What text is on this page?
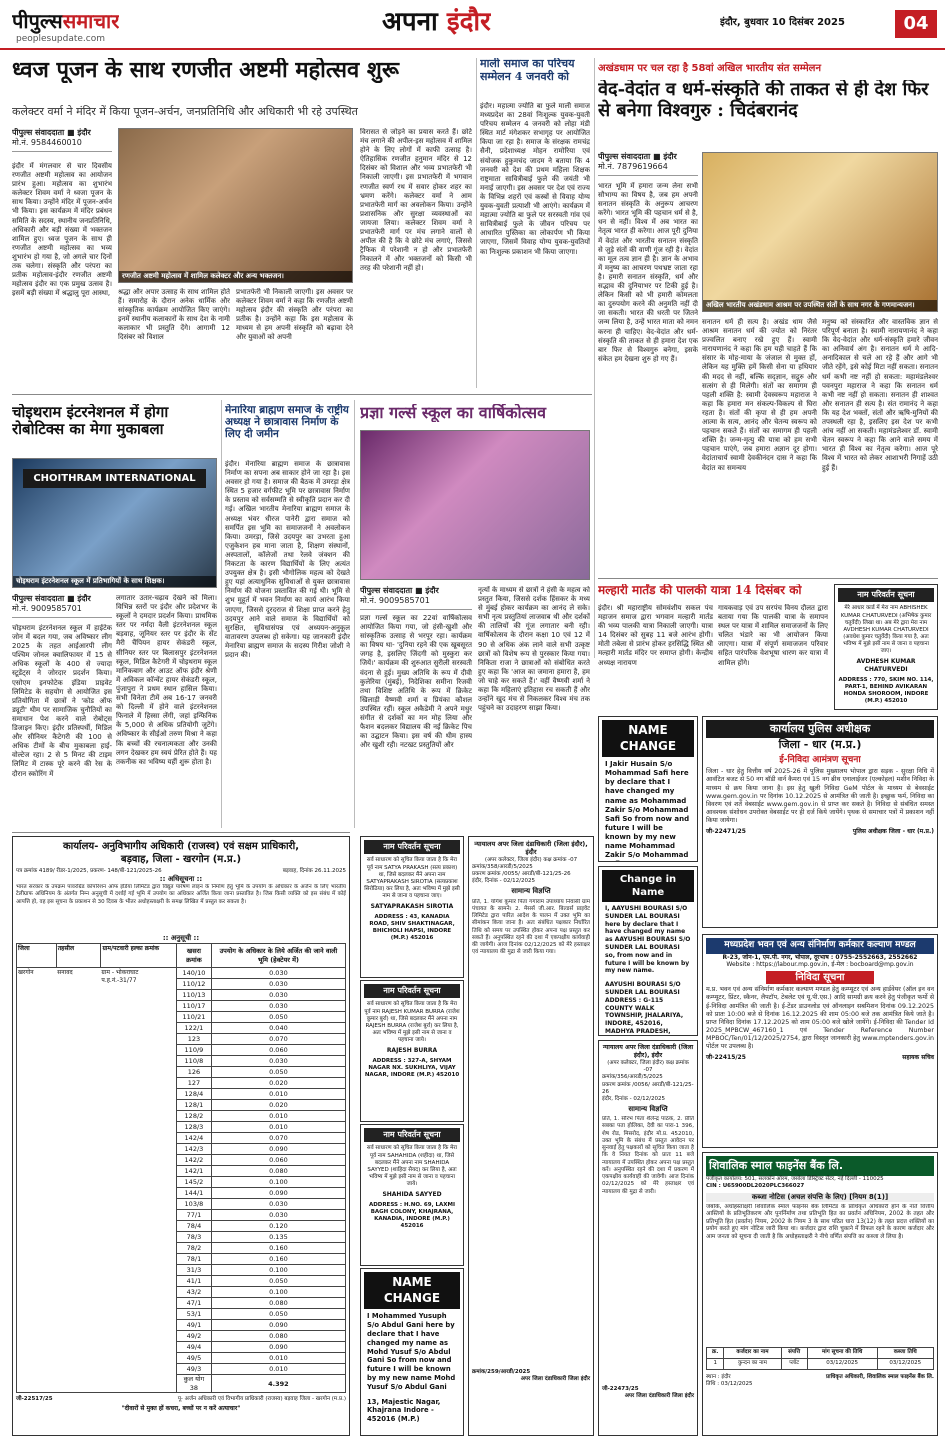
पीपुल्ससमाचार
peoplesupdate.com
अपना इंदौर	इंदौर, बुधवार 10 दिसंबर 2025	04
ध्वज पूजन के साथ रणजीत अष्टमी महोत्सव शुरू
कलेक्टर वर्मा ने मंदिर में किया पूजन-अर्चन, जनप्रतिनिधि और अधिकारी भी रहे उपस्थित
पीपुल्स संवाददाता ■ इंदौर
मो.नं. 9584460010
इंदौर में मंगलवार से चार दिवसीय रणजीत अष्टमी महोत्सव का आयोजन प्रारंभ हुआ। महोत्सव का शुभारंभ कलेक्टर शिवम वर्मा ने ध्वजा पूजन के साथ किया। उन्होंने मंदिर में पूजन-अर्चन भी किया। इस कार्यक्रम में मंदिर प्रबंधन समिति के सदस्य, स्थानीय जनप्रतिनिधि, अधिकारी और बड़ी संख्या में भक्तजन शामिल हुए। ध्वज पूजन के साथ ही रणजीत अष्टमी महोत्सव का भव्य शुभारंभ हो गया है, जो अगले चार दिनों तक चलेगा। संस्कृति और परंपरा का प्रतीक महोत्सव-इंदौर रणजीत अष्टमी महोत्सव इंदौर का एक प्रमुख उत्सव है। इसमें बड़ी संख्या में श्रद्धालु पूरा आस्था,
रणजीत अष्टमी महोत्सव में शामिल कलेक्टर और अन्य भक्तजन।
श्रद्धा और अपार उत्साह के साथ शामिल होते हैं। समारोह के दौरान अनेक धार्मिक और सांस्कृतिक कार्यक्रम आयोजित किए जाएंगे। इनमें स्थानीय कलाकारों के साथ देश के नामी कलाकार भी प्रस्तुति देंगे। आगामी 12 दिसंबर को विशाल
प्रभातफेरी भी निकाली जाएगी। इस अवसर पर कलेक्टर शिवम वर्मा ने कहा कि रणजीत अष्टमी महोत्सव इंदौर की संस्कृति और परंपरा का प्रतीक है। उन्होंने कहा कि इस महोत्सव के माध्यम से हम अपनी संस्कृति को बढ़ावा देने और युवाओं को अपनी
विरासत से जोड़ने का प्रयास करते हैं। छोटे मंच लगाने की अपील-इस महोत्सव में शामिल होने के लिए लोगों में काफी उत्साह है। ऐतिहासिक रणजीत हनुमान मंदिर से 12 दिसंबर को विशाल और भव्य प्रभातफेरी भी निकाली जाएगी। इस प्रभातफेरी में भगवान रणजीत स्वर्ण रथ में सवार होकर शहर का भ्रमण करेंगे। कलेक्टर वर्मा ने आम प्रभातफेरी मार्ग का अवलोकन किया। उन्होंने प्रशासनिक और सुरक्षा व्यवस्थाओं का जायजा लिया। कलेक्टर शिवम वर्मा ने प्रभातफेरी मार्ग पर मंच लगाने वालों से अपील की है कि वे छोटे मंच लगाएं, जिससे ट्रैफिक में परेशानी न हो और प्रभातफेरी निकालने में और भक्तजनों को किसी भी तरह की परेशानी नहीं हो।
माली समाज का परिचय सम्मेलन 4 जनवरी को
इंदौर। महात्मा ज्योति बा फुले माली समाज मध्यप्रदेश का 28वां निःशुल्क युवक-युवती परिचय सम्मेलन 4 जनवरी को लोहा मंडी स्थित मार्ट मंगेशकर सभागृह पर आयोजित किया जा रहा है। समाज के संरक्षक रामचंद्र सैनी, प्रदेशाध्यक्ष मोहन रामोरिया एवं संयोजक हुकुमचंद जादम ने बताया कि 4 जनवरी को देश की प्रथम महिला शिक्षक राष्ट्रमाता सावित्रीबाई फुले की जयंती भी मनाई जाएगी। इस अवसर पर देश एवं राज्य के विभिन्न शहरों एवं कस्बों से विवाह योग्य युवक-युवती प्रत्याशी भी आएंगे। कार्यक्रम में महात्मा ज्योति बा फुले पर सरस्वती गांव एवं सावित्रीबाई फुले के जीवन परिचय पर आधारित पुस्तिका का लोकार्पण भी किया जाएगा, जिसमें विवाह योग्य युवक-युवतियों का निःशुल्क प्रकाशन भी किया जाएगा।
अखंडधाम पर चल रहा है 58वां अखिल भारतीय संत सम्मेलन
वेद-वेदांत व धर्म-संस्कृति की ताकत से ही देश फिर से बनेगा विश्वगुरु : चिदंबरानंद
पीपुल्स संवाददाता ■ इंदौर
मो.नं. 7879619664
भारत भूमि में हमारा जन्म लेना सभी सौभाग्य का विषय है, जब हम अपनी सनातन संस्कृति के अनुरूप आचरण करेंगे। भारत भूमि की पहचान धर्म से है, धन से नहीं। विश्व में अब भारत का नेतृत्व भारत ही करेगा। आज पूरी दुनिया में वेदांत और भारतीय सनातन संस्कृति से जुड़े संतों की वाणी गूंज रही है। वेदांत का मूल तत्व ज्ञान ही है। ज्ञान के अभाव में मनुष्य का आचरण पथभ्रष्ट जाता रहा है। हमारी सनातन संस्कृति, धर्म और सद्भाव की दुनियाभर पर टिकी हुई है। लेकिन किसी को भी हमारी कोमलता का दुरुपयोग करने की अनुमति नहीं दी जा सकती। भारत की धरती पर जितने जन्म लिया है, उन्हें भारत माता को नमन करना ही चाहिए। वेद-वेदांत और धर्म-संस्कृति की ताकत से ही हमारा देश एक बार फिर से विश्वगुरु बनेगा, इसके संकेत हम देखना शुरु हो गए हैं।
अखिल भारतीय अखंडधाम आश्रम पर उपस्थित संतों के साथ नगर के गणमान्यजन।
सनातन धर्म ही सत्य है। अखंड धाम जैसे आश्रम सनातन धर्म की ज्योत को निरंतर प्रज्वलित बनाए रखे हुए हैं। स्वामी नारायणानंद ने कहा कि हम यही चाहते हैं कि संसार के मोह-माया के जंजाल से मुक्त हों, लेकिन यह मुक्ति हमें किसी सेना या हथियार की मदद से नहीं, बल्कि सद्ज्ञान, सद्गुरु और सत्संग से ही मिलेगी। संतों का समागम ही पहली शक्ति है: स्वामी देवस्वरूप महाराज ने कहा कि हमारा मन संकल्प-विकल्प से घिरा रहता है। संतों की कृपा से ही हम अपनी आत्मा के सत्य, आनंद और चेतन्य स्वरूप को पहचान सकते हैं। संतों का समागम ही पहली शक्ति है। जन्म-मृत्यु की यात्रा को हम सभी पहचान पाएंगे, जब हमारा अज्ञान दूर होगा। वेदांताचार्य स्वामी देवकीनंदन दास ने कहा कि वेदांत का समन्वय
मनुष्य को संस्कारित और वास्तविक ज्ञान से परिपूर्ण बनाता है। स्वामी नारायणानंद ने कहा कि वेद-वेदांत और धर्म-संस्कृति हमारे जीवन का अनिवार्य अंग है। सनातन धर्म मे आदि-अनादिकाल से चले आ रहे हैं और आगे भी जीते रहेंगे, इसे कोई मिटा नहीं सकता। सनातन धर्म कभी नष्ट नहीं हो सकता: महामंडलेश्वर पवनपुरा महाराज ने कहा कि सनातन धर्म कभी नष्ट नहीं हो सकता। सनातन ही शाश्वत और सनातन ही सत्य है। संत रामानंद ने कहा कि यह देश भक्तों, संतों और ऋषि-मुनियों की तपस्थली रहा है, इसलिए इस देश पर कभी आंच नहीं आ सकती। महामंडलेश्वर डॉ. स्वामी चेतन स्वरूप ने कहा कि आने वाले समय में भारत ही विश्व का नेतृत्व करेगा। आज पूरे विश्व में भारत को लेकर आशाभरी निगाहें उठी हुई हैं।
चोइथराम इंटरनेशनल में होगा रोबोटिक्स का मेगा मुकाबला
CHOITHRAM INTERNATIONAL
चोइथराम इंटरनेशनल स्कूल में प्रतिभागियों के साथ शिक्षक।
पीपुल्स संवाददाता ■ इंदौर
मो.नं. 9009585701
चोइथराम इंटरनेशनल स्कूल में हाईटेक जोन में बदल गया, जब अविष्कार लीग 2025 के तहत आईआरपी लीग पश्चिम जोनल क्वालिफायर में 15 से अधिक स्कूलों के 400 से ज्यादा स्टूडेंट्स ने जोरदार प्रदर्शन किया। एसोएम इनफोटेक इंडिया प्राइवेट लिमिटेड के सहयोग से आयोजित इस प्रतियोगिता में छात्रों ने 'कोड ऑफ ड्यूटी' थीम पर सामाजिक चुनौतियों का समाधान पेश करने वाले रोबोट्स डिजाइन किए। इंदौर प्रतिस्पर्धी, मिडिल और सीनियर कैटेगरी की 100 से अधिक टीमों के बीच मुकाबला हाई-वोल्टेज रहा। 2 से 5 मिनट की टाइम लिमिट में टास्क पूरे करने की रेस के दौरान स्कोरिंग में
लगातार उतार-चढ़ाव देखने को मिला। विभिन्न स्तरों पर इंदौर और प्रदेशभर के स्कूलों ने दमदार प्रदर्शन किया। प्राथमिक स्तर पर नर्मदा वैली इंटरनेशनल स्कूल बड़वाह, जूनियर स्तर पर इंदौर के सेंट मैरी चैंपियन हायर सेकंडरी स्कूल, सीनियर स्तर पर बिलासपुर इंटरनेशनल स्कूल, मिडिल कैटेगरी में चोइथराम स्कूल मानिकबाग और आउट ऑफ इंदौर श्रेणी में अविकल कॉन्वेंट हायर सेकंडरी स्कूल, पुंजापुरा ने प्रथम स्थान हासिल किया। सभी विनेता टीमें अब 16-17 जनवरी को दिल्ली में होने वाले इंटरनेशनल फिनाले में हिस्सा लेंगी, जहां इन्फिनिक के 5,000 से अधिक प्रतियोगी जुटेंगे। अविष्कार के सीईओ तरुण मिश्रा ने कहा कि बच्चों की रचनात्मकता और उनकी लगन देखकर हम स्वयं प्रेरित होते हैं। यह तकनीक का भविष्य यहीं शुरू होता है।
मेनारिया ब्राह्मण समाज के राष्ट्रीय अध्यक्ष ने छात्रावास निर्माण के लिए दी जमीन
इंदौर। मेनारिया ब्राह्मण समाज के छात्रावास निर्माण का सपना अब साकार होने जा रहा है। इस अवसर हो गया है। समाज की बैठक में उमरड़ा क्षेत्र स्थित 5 हजार वर्गफीट भूमि पर छात्रावास निर्माण के प्रस्ताव को सर्वसम्मति से स्वीकृति प्रदान कर दी गई। अखिल भारतीय मेनारिया ब्राह्मण समाज के अध्यक्ष भंवर धीरज पानेरी द्वारा समाज को समर्पित इस भूमि का समाजजनों ने अवलोकन किया। उमरड़ा, जिसे उदयपुर का उभरता हुआ एजुकेशन हब माना जाता है, शिक्षण संस्थानों, अस्पतालों, कॉलेजों तथा रेलवे जंक्शन की निकटता के कारण विद्यार्थियों के लिए अत्यंत उपयुक्त क्षेत्र है। इसी भौगोलिक महत्व को देखते हुए यहां अत्याधुनिक सुविधाओं से युक्त छात्रावास निर्माण की योजना प्रस्तावित की गई थी। भूमि से शुभ मुहूर्त में भवन निर्माण का कार्य आरंभ किया जाएगा, जिससे दूरदराज से शिक्षा प्राप्त करने हेतु उदयपुर आने वाले समाज के विद्यार्थियों को सुरक्षित, सुविधासंपन्न एवं अध्ययन-अनुकूल वातावरण उपलब्ध हो सकेगा। यह जानकारी इंदौर मेनारिया ब्राह्मण समाज के सदस्य गिरीश जोशी ने प्रदान की।
प्रज्ञा गर्ल्स स्कूल का वार्षिकोत्सव
पीपुल्स संवाददाता ■ इंदौर
मो.नं. 9009585701
प्रज्ञा गर्ल्स स्कूल का 22वां वार्षिकोत्सव आयोजित किया गया, जो हंसी-खुशी और सांस्कृतिक उत्साह से भरपूर रहा। कार्यक्रम का विषय था- 'दुनिया रहने की एक खूबसूरत जगह है, इसलिए जिंदगी को मुस्कुरा कर जियें।' कार्यक्रम की शुरुआत सुरीली सरस्वती वंदना से हुई। मुख्य अतिथि के रूप में दीवी कुलेरिया (मुंबई), निदेशिका समीना रिजवी तथा विशिष्ट अतिथि के रूप में क्रिकेट खिलाड़ी वैष्णवी शर्मा व प्रियंका कौशल उपस्थित रहीं। स्कूल अकैडेमी ने अपने मधुर संगीत से दर्शकों का मन मोह लिया और फैशन बदलकर विद्यालय की नई क्रिकेट पिच का उद्घाटन किया। इस वर्ष की थीम हास्य और खुशी रही। नटखट प्रस्तुतियों और
नृत्यों के माध्यम से छात्रों ने हंसी के महत्व को प्रस्तुत किया, जिससे दर्शक हिंसकर के मध्य से मुंबई होकर कार्यक्रम का आनंद ले सके। सभी नृत्य प्रस्तुतियां लाजवाब थी और दर्शकों की तालियों की गूंज लगातार बनी रही। वार्षिकोत्सव के दौरान कक्षा 10 एवं 12 में 90 से अधिक अंक लाने वाले सभी उत्कृष्ट छात्रों को विशेष रूप से पुरस्कार किया गया। निकिता राजा ने छात्राओं को संबोधित करते हुए कहा कि 'आज का जमाना हमारा है, हम जो चाहे कर सकते हैं।' वहीं वैष्णवी शर्मा ने कहा कि महिलाएं इतिहास रच सकती हैं और उन्होंने खुद मंच से निकलकर विश्व मंच तक पहुंचने का उदाहरण साझा किया।
मल्हारी मार्तंड की पालकी यात्रा 14 दिसंबर को
इंदौर। श्री महाराष्ट्रीय सोमवंशीय सकल पंच महाजन समाज द्वारा भगवान मल्हारी मार्तंड की भव्य पालकी यात्रा निकाली जाएगी। यात्रा 14 दिसंबर को सुबह 11 बजे आरंभ होगी। मोती तबेला से प्रारंभ होकर हरसिद्धि स्थित श्री मल्हारी मार्तंड मंदिर पर समाप्त होगी। केन्द्रीय अध्यक्ष नारायण
गायकवाड़ एवं उप सरपंच विनय दौलत द्वारा बताया गया कि पालकी यात्रा के समापन स्थल पर यात्रा में शामिल समाजजनों के लिए चलित भंडारे का भी आयोजन किया जाएगा। यात्रा में संपूर्ण समाजजन परिवार सहित पारंपरिक वेशभूषा धारण कर यात्रा में शामिल होंगे।
नाम परिवर्तन सूचना
मेरे आधार कार्ड में मेरा नाम ABHISHEK KUMAR CHATURVEDI (अभिषेक कुमार चतुर्वेदी) लिखा था। अब मेरे द्वारा मेरा नाम AVDHESH KUMAR CHATURVEDI (अवधेश कुमार चतुर्वेदी) किया गया है, अतः भविष्य में मुझे इसी नाम से जाना व पहचाना जाए।
AVDHESH KUMAR CHATURVEDI
ADDRESS : 770, SKIM NO. 114, PART-1, BEHIND AVIKARAN HONDA SHOROOM, INDORE (M.P.) 452010
कार्यालय पुलिस अधीक्षक
जिला - धार (म.प्र.)
ई-निविदा आमंत्रण सूचना
जिला - धार हेतु वित्तीय वर्ष 2025-26 में पुलिस मुख्यालय भोपाल द्वारा सड़क - सुरक्षा निधि में आवंटित बजट से 50 नग बॉडी वार्न कैमरा एवं 15 नग ब्रीथ एनालाईजर (एल्कोहल) मशीन निविदा के माध्यम से क्रय किया जाना है। इस हेतु खुली निविदा GeM पोर्टल के माध्यम से बेवसाईट www.gem.gov.in पर दिनांक 10.12.2025 से आमंत्रित की जाती है। इच्छुक फर्म, निविदा का विवरण एवं शर्ते वेबसाईट www.gem.gov.in से प्राप्त कर सकते है। निविदा से संबंधित समस्त आवश्यक संशोधन उपरोक्त वेबसाईट पर ही दर्ज किये जायेंगे। पृथक से समाचार पत्रों में प्रकाशन नहीं किया जायेगा।
जी-22471/25	पुलिस अधीक्षक जिला - धार (म.प्र.)
NAME CHANGE
I Jakir Husain S/o Mohammad Safi here by declare that I have changed my name as Mohammad Zakir S/o Mohammad Safi So from now and future I will be known by my new name Mohammad Zakir S/o Mohammad
Change in Name
I, AAYUSHI BOURASI S/O SUNDER LAL BOURASI here by declare that I have changed my name as AAYUSHI BOURASI S/O SUNDER LAL BOURASI so, from now and in future I will be known by my new name.
AAYUSHI BOURASI S/O SUNDER LAL BOURASI ADDRESS : G-115 COUNTY WALK TOWNSHIP, JHALARIYA, INDORE, 452016, MADHYA PRADESH,
मध्यप्रदेश भवन एवं अन्य संनिर्माण कर्मकार कल्याण मण्डल
R-23, जोन-1, एम.पी. नगर, भोपाल, दूरभाष : 0755-2552663, 2552662
Website : https://labour.mp.gov.in, ई-मेल : bocboard@mp.gov.in
निविदा सूचना
म.प्र. भवन एवं अन्य संनिर्माण कर्मकार कल्याण मण्डल हेतु कम्प्यूटर एवं अन्य हार्डवेयर (ऑल इन वन कम्प्यूटर, प्रिंटर, स्कैनर, लैपटॉप, टेबलेट एवं यू.पी.एस.) आदि सामग्री क्रय करने हेतु पंजीकृत फर्मो से ई-निविदा आमंत्रित की जाती है। ई-टेंडर डाउनलोड एवं ऑनलाइन सबमिशन दिनांक 09.12.2025 को प्रातः 10:00 बजे से दिनांक 16.12.2025 की शाम 05:00 बजे तक आमंत्रित किये जाते है। प्राप्त निविदा दिनांक 17.12.2025 को शाम 05:00 बजे खोले जायेंगे। ई-निविदा की Tender Id 2025_MPBCW_467160_1 एवं Tender Reference Number MPBOC/Ten/01/12/2025/2754, द्वारा विस्तृत जानकारी हेतु www.mptenders.gov.in पोर्टल पर उपलब्ध है।
जी-22415/25	सहायक सचिव
शिवालिक स्माल फाइनेंस बैंक लि.
पंजीकृत कार्यालय: 501, सलकॉन ऑरम, जसोला डिस्ट्रिक्ट सेंटर, नई दिल्ली - 110025
CIN : U65900DL2020PLC366027
कब्जा नोटिस (अचल संपत्ति के लिए) [नियम 8(1)]
जबकि, अधोहस्ताक्षरी शिवालिक स्मॉल फाइनेंस बैंक लिमिटेड के प्राधिकृत अधिकारी होने के नाते वित्तीय आस्तियों के प्रतिभूतिकरण और पुनर्निर्माण तथा प्रतिभूति हित का प्रवर्तन अधिनियम, 2002 के तहत और प्रतिभूति हित (प्रवर्तन) नियम, 2002 के नियम 3 के साथ पठित धारा 13(12) के तहत प्रदत्त शक्तियों का प्रयोग करते हुए मांग नोटिस जारी किया था। कर्जदार द्वारा राशि चुकाने में विफल रहने के कारण कर्जदार और आम जनता को सूचना दी जाती है कि अधोहस्ताक्षरी ने नीचे वर्णित संपत्ति का कब्जा ले लिया है।
क्र.	कर्जदार का नाम	संपत्ति	मांग सूचना की तिथि	कब्जा तिथि
1	कुन्दन का नाम	प्लॉट	03/12/2025	03/12/2025
स्थान : इंदौर
तिथि : 03/12/2025
प्राधिकृत अधिकारी, शिवालिक स्माल फाइनेंस बैंक लि.
कार्यालय- अनुविभागीय अधिकारी (राजस्व) एवं सक्षम प्राधिकारी,
बड़वाह, जिला - खरगोन (म.प्र.)
पत्र क्रमांक 4189/ रीडर-1/2025, प्रकरण- 148/बी-121/2025-26	बड़वाह, दिनांक 26.11.2025
:: अधिसूचना ::
भारत सरकार के उपक्रम पावरग्रिड कॉर्पोरेशन ऑफ इंडिया लिमिटेड द्वारा विद्युत पारेषण लाइन के निर्माण हेतु भूमि के उपयोग के अधिकार के अर्जन के लिए भारतीय टेलीग्राफ अधिनियम के अंतर्गत निम्न अनुसूची में दर्शाई गई भूमि में उपयोग का अधिकार अर्जित किया जाना प्रस्तावित है। जिस किसी व्यक्ति को इस संबंध में कोई आपत्ति हो, वह इस सूचना के प्रकाशन से 30 दिवस के भीतर अधोहस्ताक्षरी के समक्ष लिखित में प्रस्तुत कर सकता है।
:: अनुसूची ::
जिला	तहसील	ग्राम/पटवारी हल्का क्रमांक
खरगोन	सनावद	ग्राम - भोकराघाट प.ह.नं.-31/77
खसरा क्रमांक	उपयोग के अधिकार के लिये अर्जित की जाने वाली भूमि (हेक्टेयर में)
140/10	0.030
110/12	0.030
110/13	0.030
110/17	0.030
110/21	0.050
122/1	0.040
123	0.070
110/9	0.060
110/8	0.030
126	0.050
127	0.020
128/4	0.010
128/1	0.020
128/2	0.010
128/3	0.010
142/4	0.070
142/3	0.090
142/2	0.060
142/1	0.080
145/2	0.100
144/1	0.090
103/8	0.030
77/1	0.030
78/4	0.120
78/3	0.135
78/2	0.160
78/1	0.160
31/3	0.100
41/1	0.050
43/2	0.100
47/1	0.080
53/1	0.050
49/1	0.090
49/2	0.080
49/4	0.090
49/5	0.010
49/3	0.010
कुल योग 38	4.392
जी-22517/25	पू- अर्जन अधिकारी एवं विभागीय प्राधिकारी (राजस्व) बड़वाह जिला - खरगोन (म.प्र.)
"दीवारों से मुक्त हों कचरा, बच्चों पर न करें अत्याचार"
नाम परिवर्तन सूचना
सर्व साधारण को सूचित किया जाता है कि मेरा पूर्व नाम SATYA PRAKASH (सत्य प्रकाश) था, जिसे बदलकर मैंने अपना नाम SATYAPRAKASH SIROTIA (सत्यप्रकाश सिरोठिया) कर लिया है, अतः भविष्य में मुझे इसी नाम से जाना व पहचाना जाए।
SATYAPRAKASH SIROTIA
ADDRESS : 43, KANADIA ROAD, SHIV SHAKTINAGAR, BHICHOLI HAPSI, INDORE (M.P.) 452016
नाम परिवर्तन सूचना
सर्व साधारण को सूचित किया जाता है कि मेरा पूर्व नाम RAJESH KUMAR BURRA (राजेश कुमार बुर्रा) था, जिसे बदलकर मैंने अपना नाम RAJESH BURRA (राजेश बुर्रा) कर लिया है, अतः भविष्य में मुझे इसी नाम से जाना व पहचाना जाये।
RAJESH BURRA
ADDRESS : 327-A, SHYAM NAGAR NX. SUKHLIYA, VIJAY NAGAR, INDORE (M.P.) 452010
नाम परिवर्तन सूचना
सर्व साधारण को सूचित किया जाता है कि मेरा पूर्व नाम SAHAHIDA (शहीदा) था, जिसे बदलकर मैंने अपना नाम SHAHIDA SAYYED (शाहिदा सैयद) कर लिया है, अतः भविष्य में मुझे इसी नाम से जाना व पहचाना जाये।
SHAHIDA SAYYED
ADDRESS : H.NO. 69, LAXMI BAGH COLONY, KHAJRANA, KANADIA, INDORE (M.P.) 452016
NAME CHANGE
I Mohammed Yusuph S/o Abdul Gani here by declare that I have changed my name as Mohd Yusuf S/o Abdul Gani So from now and future I will be known by my new name Mohd Yusuf S/o Abdul Gani
13, Majestic Nagar, Khajrana Indore - 452016 (M.P.)
न्यायालय अपर जिला दंडाधिकारी (जिला इंदौर), इंदौर
(अपर कलेक्टर, जिला इंदौर) कक्ष क्रमांक -07
क्रमांक/358/आरडी/5/2025
प्रकरण क्रमांक /0055/ आरडी/बी-121/25-26
इंदौर, दिनांक - 02/12/2025
सामान्य विज्ञप्ति
प्रति, 1. योगेश कुमार पिता गंगाराम उपाध्याय निवासी ग्राम पंचायत के सामने। 2. मेसर्स जी.आर. बिल्डर्स प्राइवेट लिमिटेड द्वारा पारित आदेश के पालन में उक्त भूमि का सीमांकन किया जाना है। अतः संबंधित पक्षकार निर्धारित तिथि को समय पर उपस्थित होकर अपना पक्ष प्रस्तुत कर सकते हैं। अनुपस्थित रहने की दशा में एकपक्षीय कार्यवाही की जायेगी। आज दिनांक 02/12/2025 को मेरे हस्ताक्षर एवं न्यायालय की मुद्रा से जारी किया गया।
क्रमांक/259/आरडी/2025
अपर जिला दंडाधिकारी जिला इंदौर
न्यायालय अपर जिला दंडाधिकारी (जिला इंदौर), इंदौर
(अपर कलेक्टर, जिला इंदौर) कक्ष क्रमांक -07
क्रमांक/356/आरडी/5/2025
प्रकरण क्रमांक /0056/ आरडी/बी-121/25-26
इंदौर, दिनांक - 02/12/2025
सामान्य विज्ञप्ति
प्रति, 1. सौरभ पिता शैलेन्द्र पाठक, 2. प्रीति सबका पता होलिका, देवी का पारा-1 396, शेष रोड, मिसरोद, इंदौर मो.प्र. 452010, उक्त भूमि के संबंध में प्रस्तुत आवेदन पर सुनवाई हेतु पक्षकारों को सूचित किया जाता है कि वे नियत दिनांक को प्रातः 11 बजे न्यायालय में उपस्थित होकर अपना पक्ष प्रस्तुत करें। अनुपस्थित रहने की दशा में प्रकरण में एकपक्षीय कार्यवाही की जावेगी। आज दिनांक 02/12/2025 को मेरे हस्ताक्षर एवं न्यायालय की मुद्रा से जारी।
जी-22473/25
अपर जिला दंडाधिकारी जिला इंदौर
